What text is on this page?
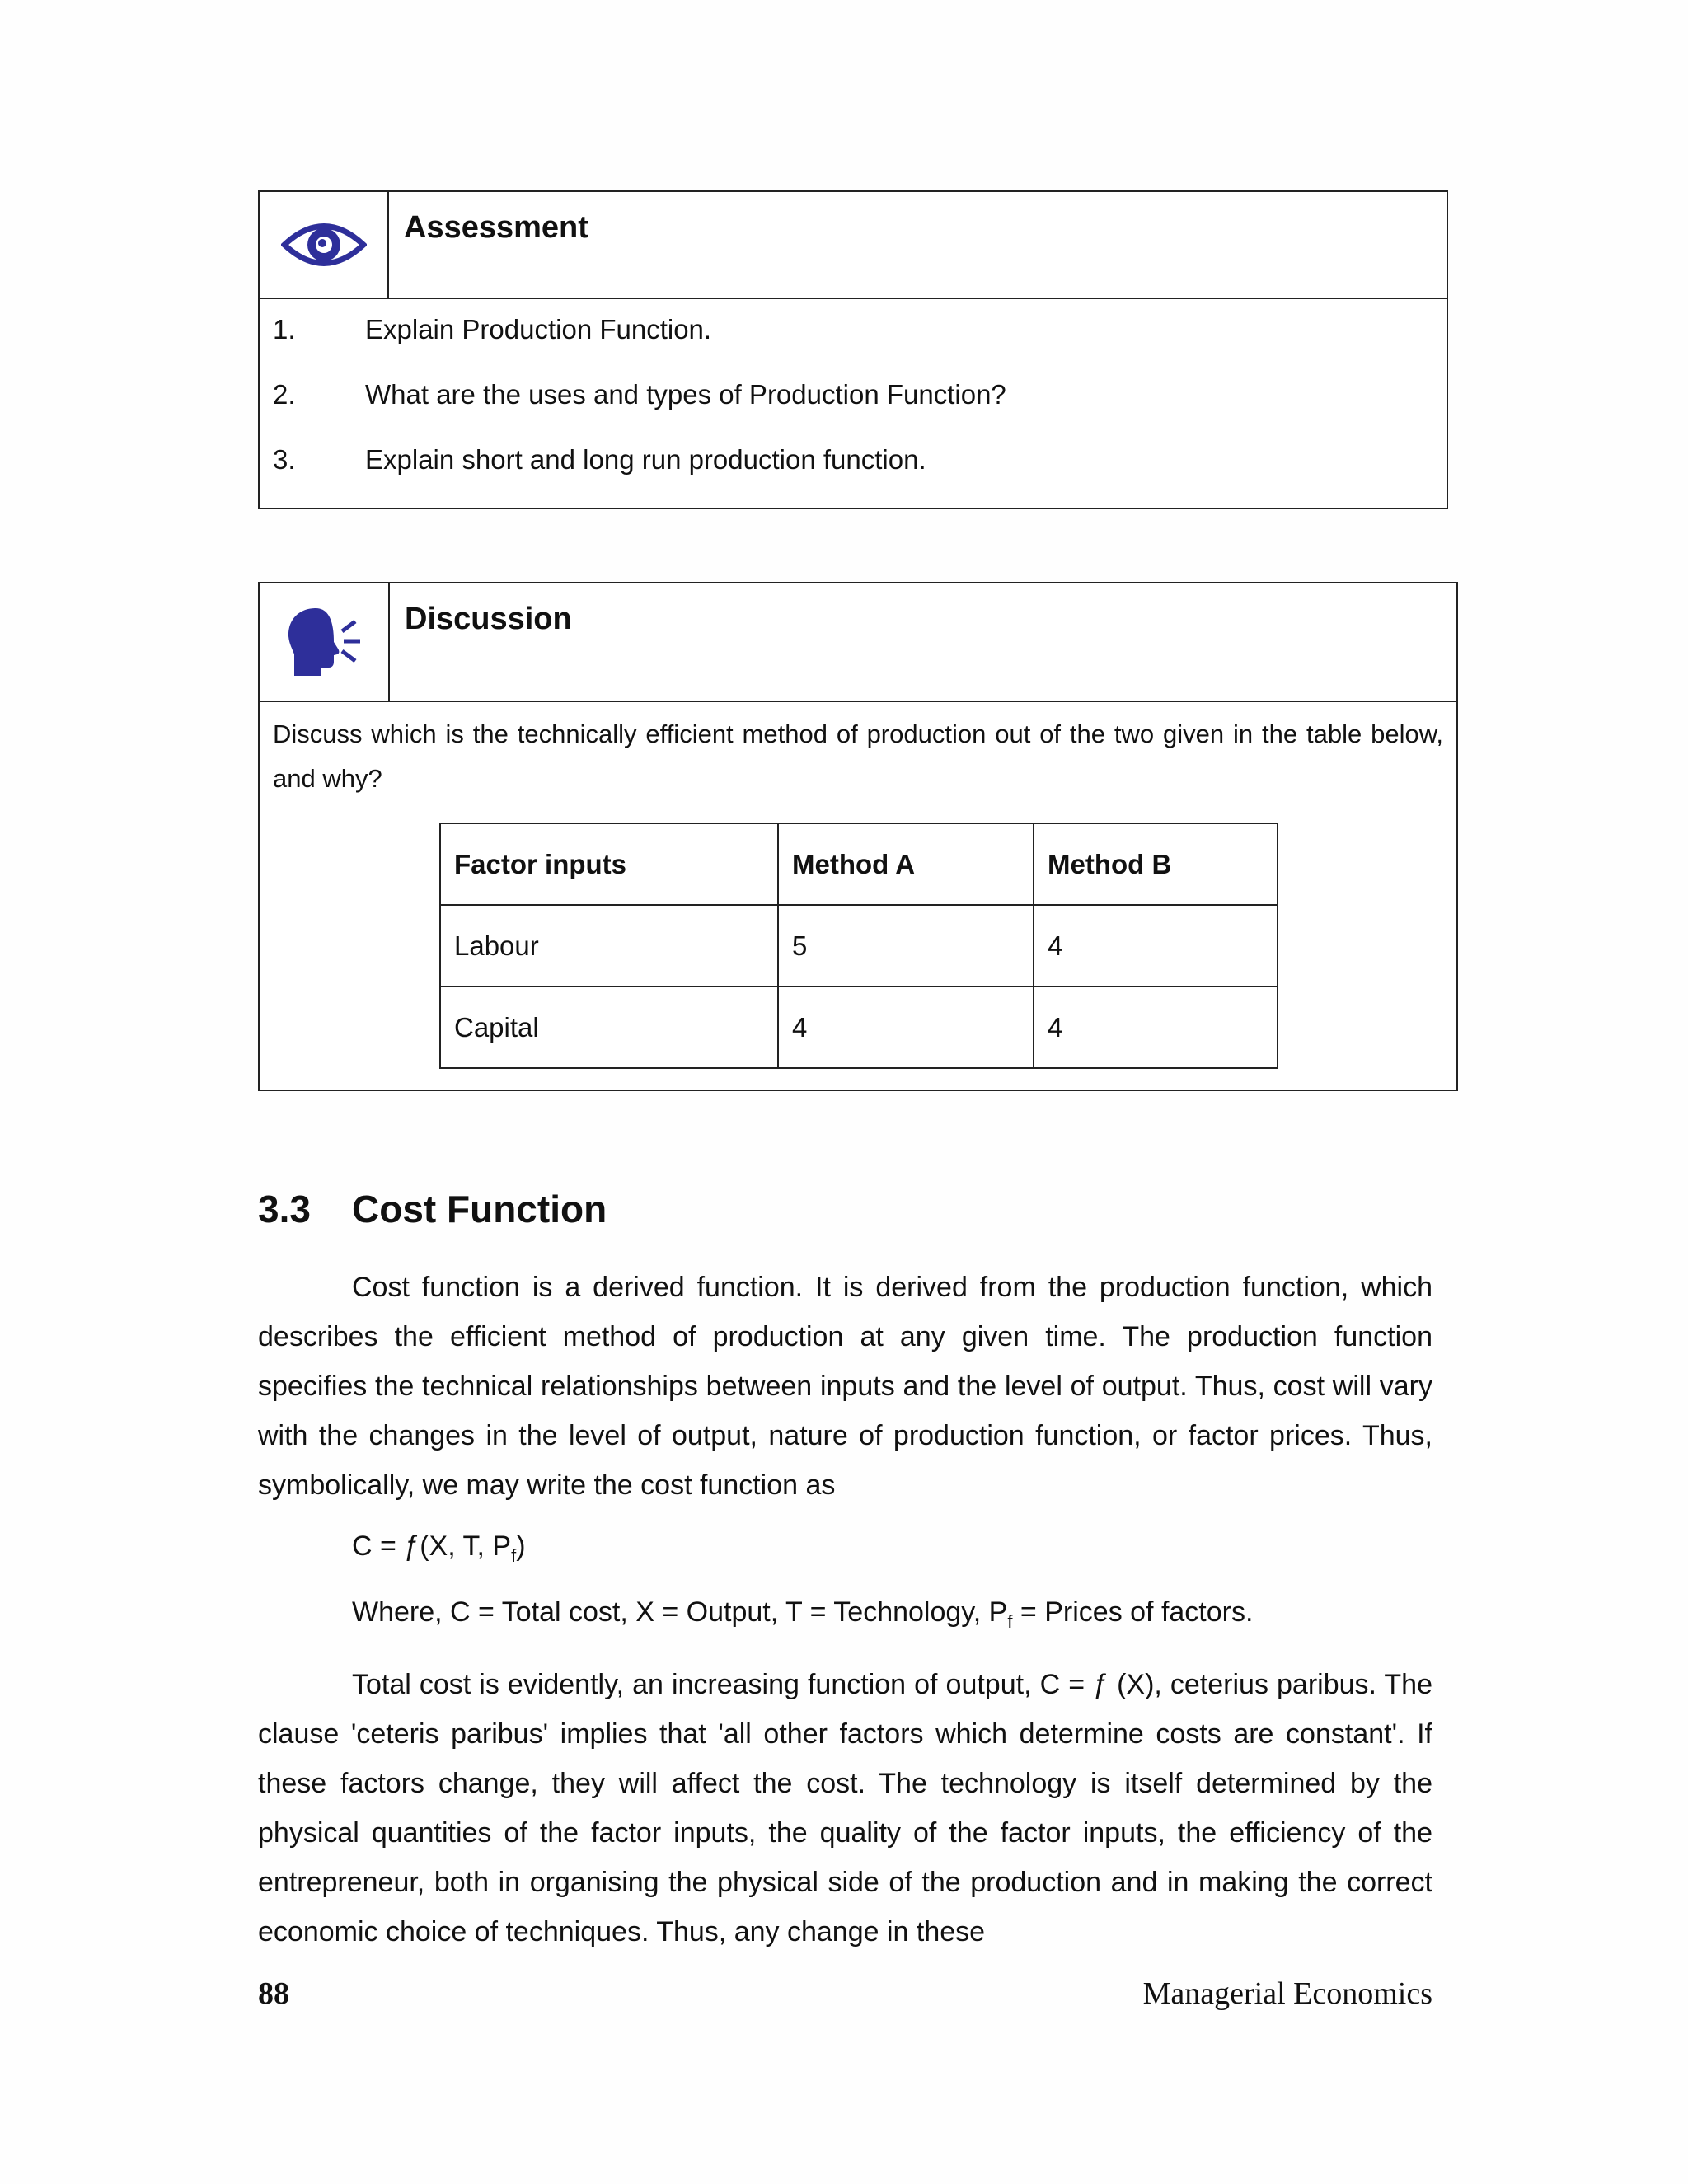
Assessment
1.	Explain Production Function.
2.	What are the uses and types of Production Function?
3.	Explain short and long run production function.
Discussion

Discuss which is the technically efficient method of production out of the two given in the table below, and why?

Factor inputs	Method A	Method B
Labour	5	4
Capital	4	4
3.3 Cost Function

Cost function is a derived function. It is derived from the production function, which describes the efficient method of production at any given time. The production function specifies the technical relationships between inputs and the level of output. Thus, cost will vary with the changes in the level of output, nature of production function, or factor prices. Thus, symbolically, we may write the cost function as

C = ƒ(X, T, $P_f$)

Where, C = Total cost, X = Output, T = Technology, $P_f$ = Prices of factors.

Total cost is evidently, an increasing function of output, C = ƒ (X), ceterius paribus. The clause 'ceteris paribus' implies that 'all other factors which determine costs are constant'. If these factors change, they will affect the cost. The technology is itself determined by the physical quantities of the factor inputs, the quality of the factor inputs, the efficiency of the entrepreneur, both in organising the physical side of the production and in making the correct economic choice of techniques. Thus, any change in these

88	Managerial Economics
